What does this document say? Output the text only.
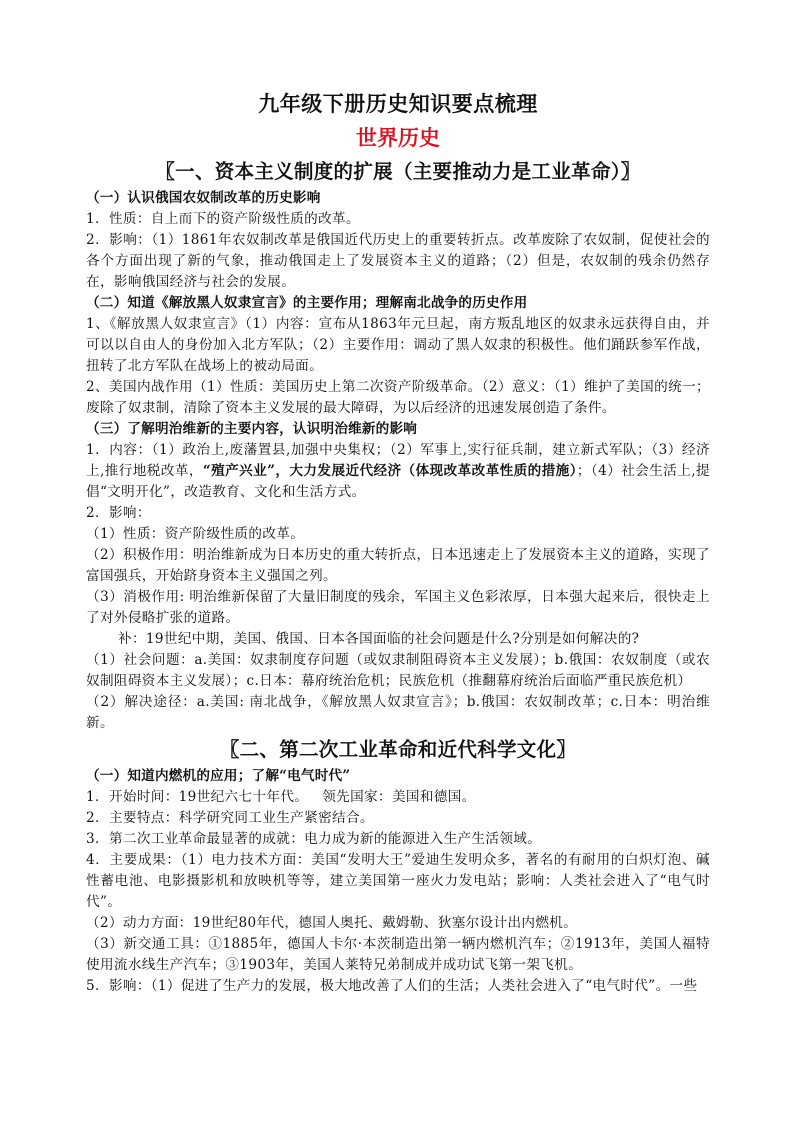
九年级下册历史知识要点梳理
世界历史
〖一、资本主义制度的扩展（主要推动力是工业革命）〗
（一）认识俄国农奴制改革的历史影响
1．性质：自上而下的资产阶级性质的改革。
2．影响：（1）1861年农奴制改革是俄国近代历史上的重要转折点。改革废除了农奴制，促使社会的各个方面出现了新的气象，推动俄国走上了发展资本主义的道路；（2）但是，农奴制的残余仍然存在，影响俄国经济与社会的发展。
（二）知道《解放黑人奴隶宣言》的主要作用；理解南北战争的历史作用
1、《解放黑人奴隶宣言》（1）内容：宣布从1863年元旦起，南方叛乱地区的奴隶永远获得自由，并可以以自由人的身份加入北方军队；（2）主要作用：调动了黑人奴隶的积极性。他们踊跃参军作战，扭转了北方军队在战场上的被动局面。
2、美国内战作用（1）性质：美国历史上第二次资产阶级革命。（2）意义：（1）维护了美国的统一；废除了奴隶制，清除了资本主义发展的最大障碍，为以后经济的迅速发展创造了条件。
（三）了解明治维新的主要内容，认识明治维新的影响
1．内容：（1）政治上,废藩置县,加强中央集权；（2）军事上,实行征兵制，建立新式军队；（3）经济上,推行地税改革，“殖产兴业”，大力发展近代经济（体现改革改革性质的措施）；（4）社会生活上,提倡“文明开化”，改造教育、文化和生活方式。
2．影响：
（1）性质：资产阶级性质的改革。
（2）积极作用：明治维新成为日本历史的重大转折点，日本迅速走上了发展资本主义的道路，实现了富国强兵，开始跻身资本主义强国之列。
（3）消极作用: 明治维新保留了大量旧制度的残余，军国主义色彩浓厚，日本强大起来后，很快走上了对外侵略扩张的道路。
补：19世纪中期，美国、俄国、日本各国面临的社会问题是什么?分别是如何解决的?
（1）社会问题：a.美国：奴隶制度存问题（或奴隶制阻碍资本主义发展）；b.俄国：农奴制度（或农奴制阻碍资本主义发展）；c.日本：幕府统治危机；民族危机（推翻幕府统治后面临严重民族危机）
（2）解决途径：a.美国: 南北战争，《解放黑人奴隶宣言》；b.俄国：农奴制改革；c.日本：明治维新。
〖二、第二次工业革命和近代科学文化〗
（一）知道内燃机的应用；了解“电气时代”
1．开始时间：19世纪六七十年代。   领先国家：美国和德国。
2．主要特点：科学研究同工业生产紧密结合。
3．第二次工业革命最显著的成就：电力成为新的能源进入生产生活领域。
4．主要成果：（1）电力技术方面：美国“发明大王”爱迪生发明众多，著名的有耐用的白炽灯泡、碱性蓄电池、电影摄影机和放映机等等，建立美国第一座火力发电站；影响：人类社会进入了“电气时代”。
（2）动力方面：19世纪80年代，德国人奥托、戴姆勒、狄塞尔设计出内燃机。
（3）新交通工具：①1885年，德国人卡尔·本茨制造出第一辆内燃机汽车；②1913年，美国人福特使用流水线生产汽车；③1903年，美国人莱特兄弟制成并成功试飞第一架飞机。
5．影响：（1）促进了生产力的发展，极大地改善了人们的生活；人类社会进入了“电气时代”。一些
